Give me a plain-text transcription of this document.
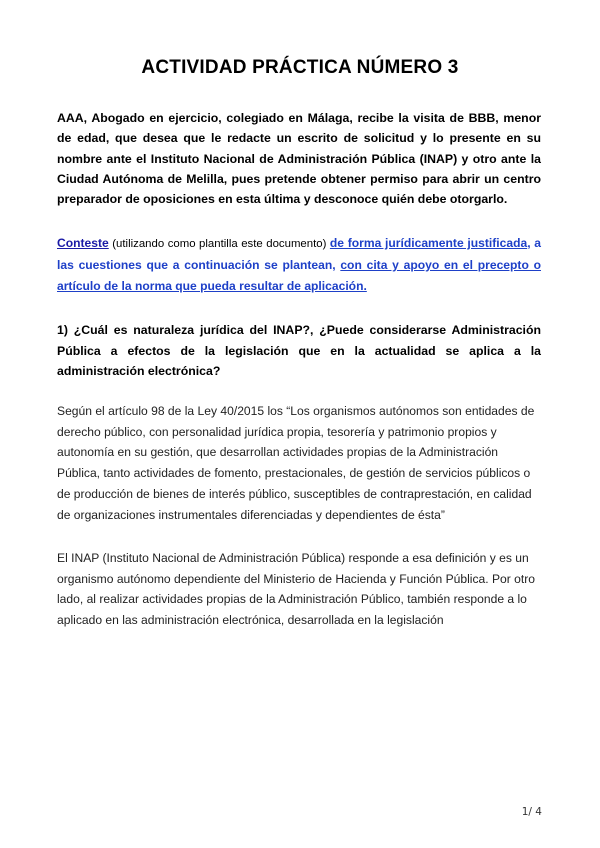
ACTIVIDAD PRÁCTICA NÚMERO 3

AAA, Abogado en ejercicio, colegiado en Málaga, recibe la visita de BBB, menor de edad, que desea que le redacte un escrito de solicitud y lo presente en su nombre ante el Instituto Nacional de Administración Pública (INAP) y otro ante la Ciudad Autónoma de Melilla, pues pretende obtener permiso para abrir un centro preparador de oposiciones en esta última y desconoce quién debe otorgarlo.

Conteste (utilizando como plantilla este documento) de forma jurídicamente justificada, a las cuestiones que a continuación se plantean, con cita y apoyo en el precepto o artículo de la norma que pueda resultar de aplicación.

1) ¿Cuál es naturaleza jurídica del INAP?, ¿Puede considerarse Administración Pública a efectos de la legislación que en la actualidad se aplica a la administración electrónica?

Según el artículo 98 de la Ley 40/2015 los “Los organismos autónomos son entidades de derecho público, con personalidad jurídica propia, tesorería y patrimonio propios y autonomía en su gestión, que desarrollan actividades propias de la Administración Pública, tanto actividades de fomento, prestacionales, de gestión de servicios públicos o de producción de bienes de interés público, susceptibles de contraprestación, en calidad de organizaciones instrumentales diferenciadas y dependientes de ésta”

El INAP (Instituto Nacional de Administración Pública) responde a esa definición y es un organismo autónomo dependiente del Ministerio de Hacienda y Función Pública. Por otro lado, al realizar actividades propias de la Administración Público, también responde a lo aplicado en las administración electrónica, desarrollada en la legislación

1/ 4
